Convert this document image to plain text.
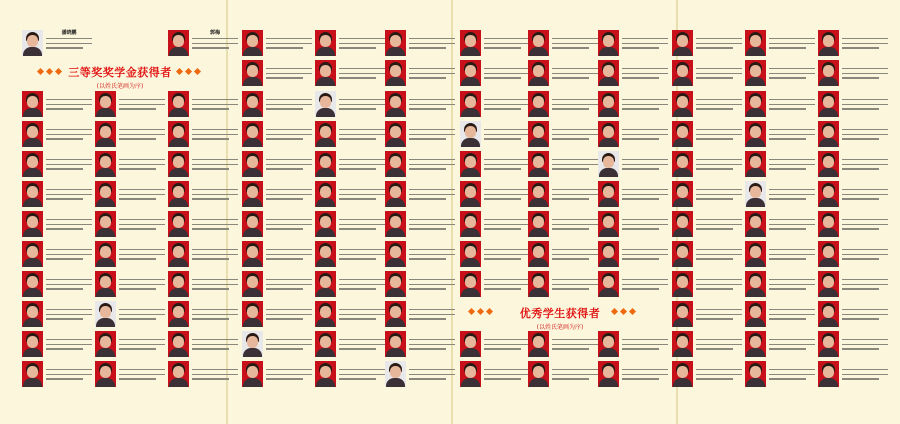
三等奖奖学金获得者
(以姓氏笔画为序)
优秀学生获得者
(以姓氏笔画为序)
潘晓鹏	郭梅
